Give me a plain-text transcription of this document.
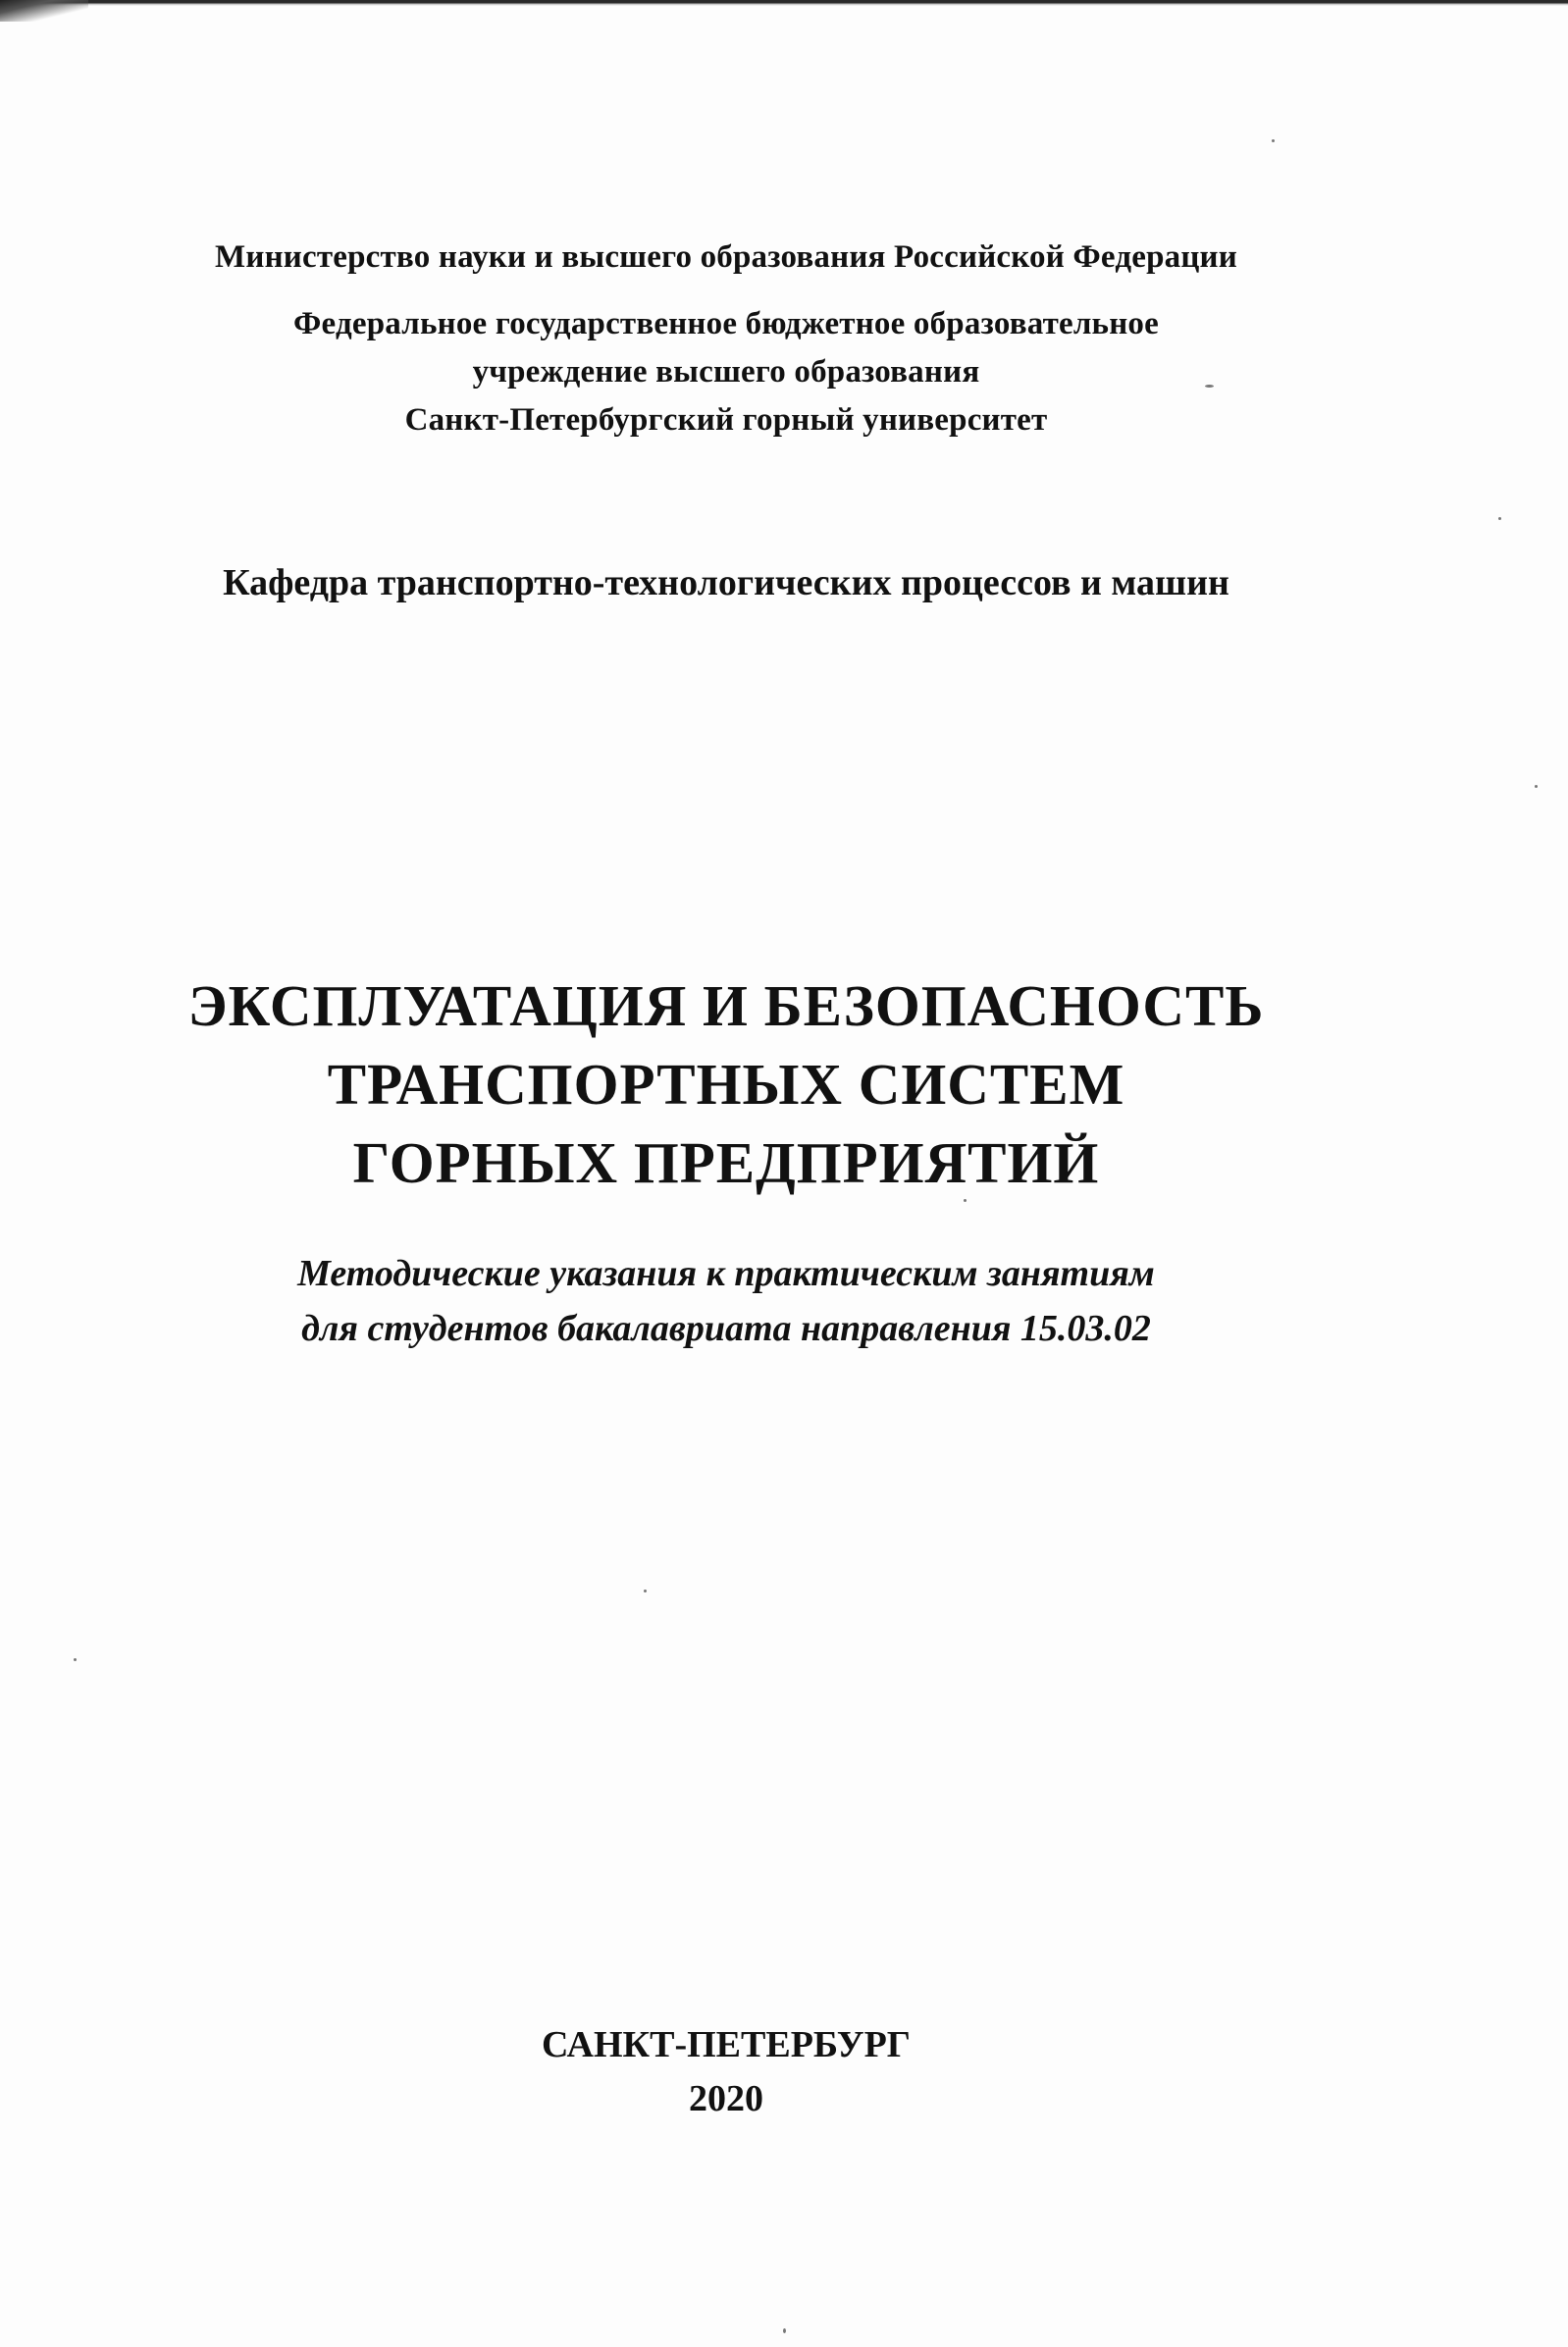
Министерство науки и высшего образования Российской Федерации

Федеральное государственное бюджетное образовательное

учреждение высшего образования

Санкт-Петербургский горный университет

Кафедра транспортно-технологических процессов и машин

ЭКСПЛУАТАЦИЯ И БЕЗОПАСНОСТЬ
ТРАНСПОРТНЫХ СИСТЕМ
ГОРНЫХ ПРЕДПРИЯТИЙ

Методические указания к практическим занятиям

для студентов бакалавриата направления 15.03.02

САНКТ-ПЕТЕРБУРГ

2020
